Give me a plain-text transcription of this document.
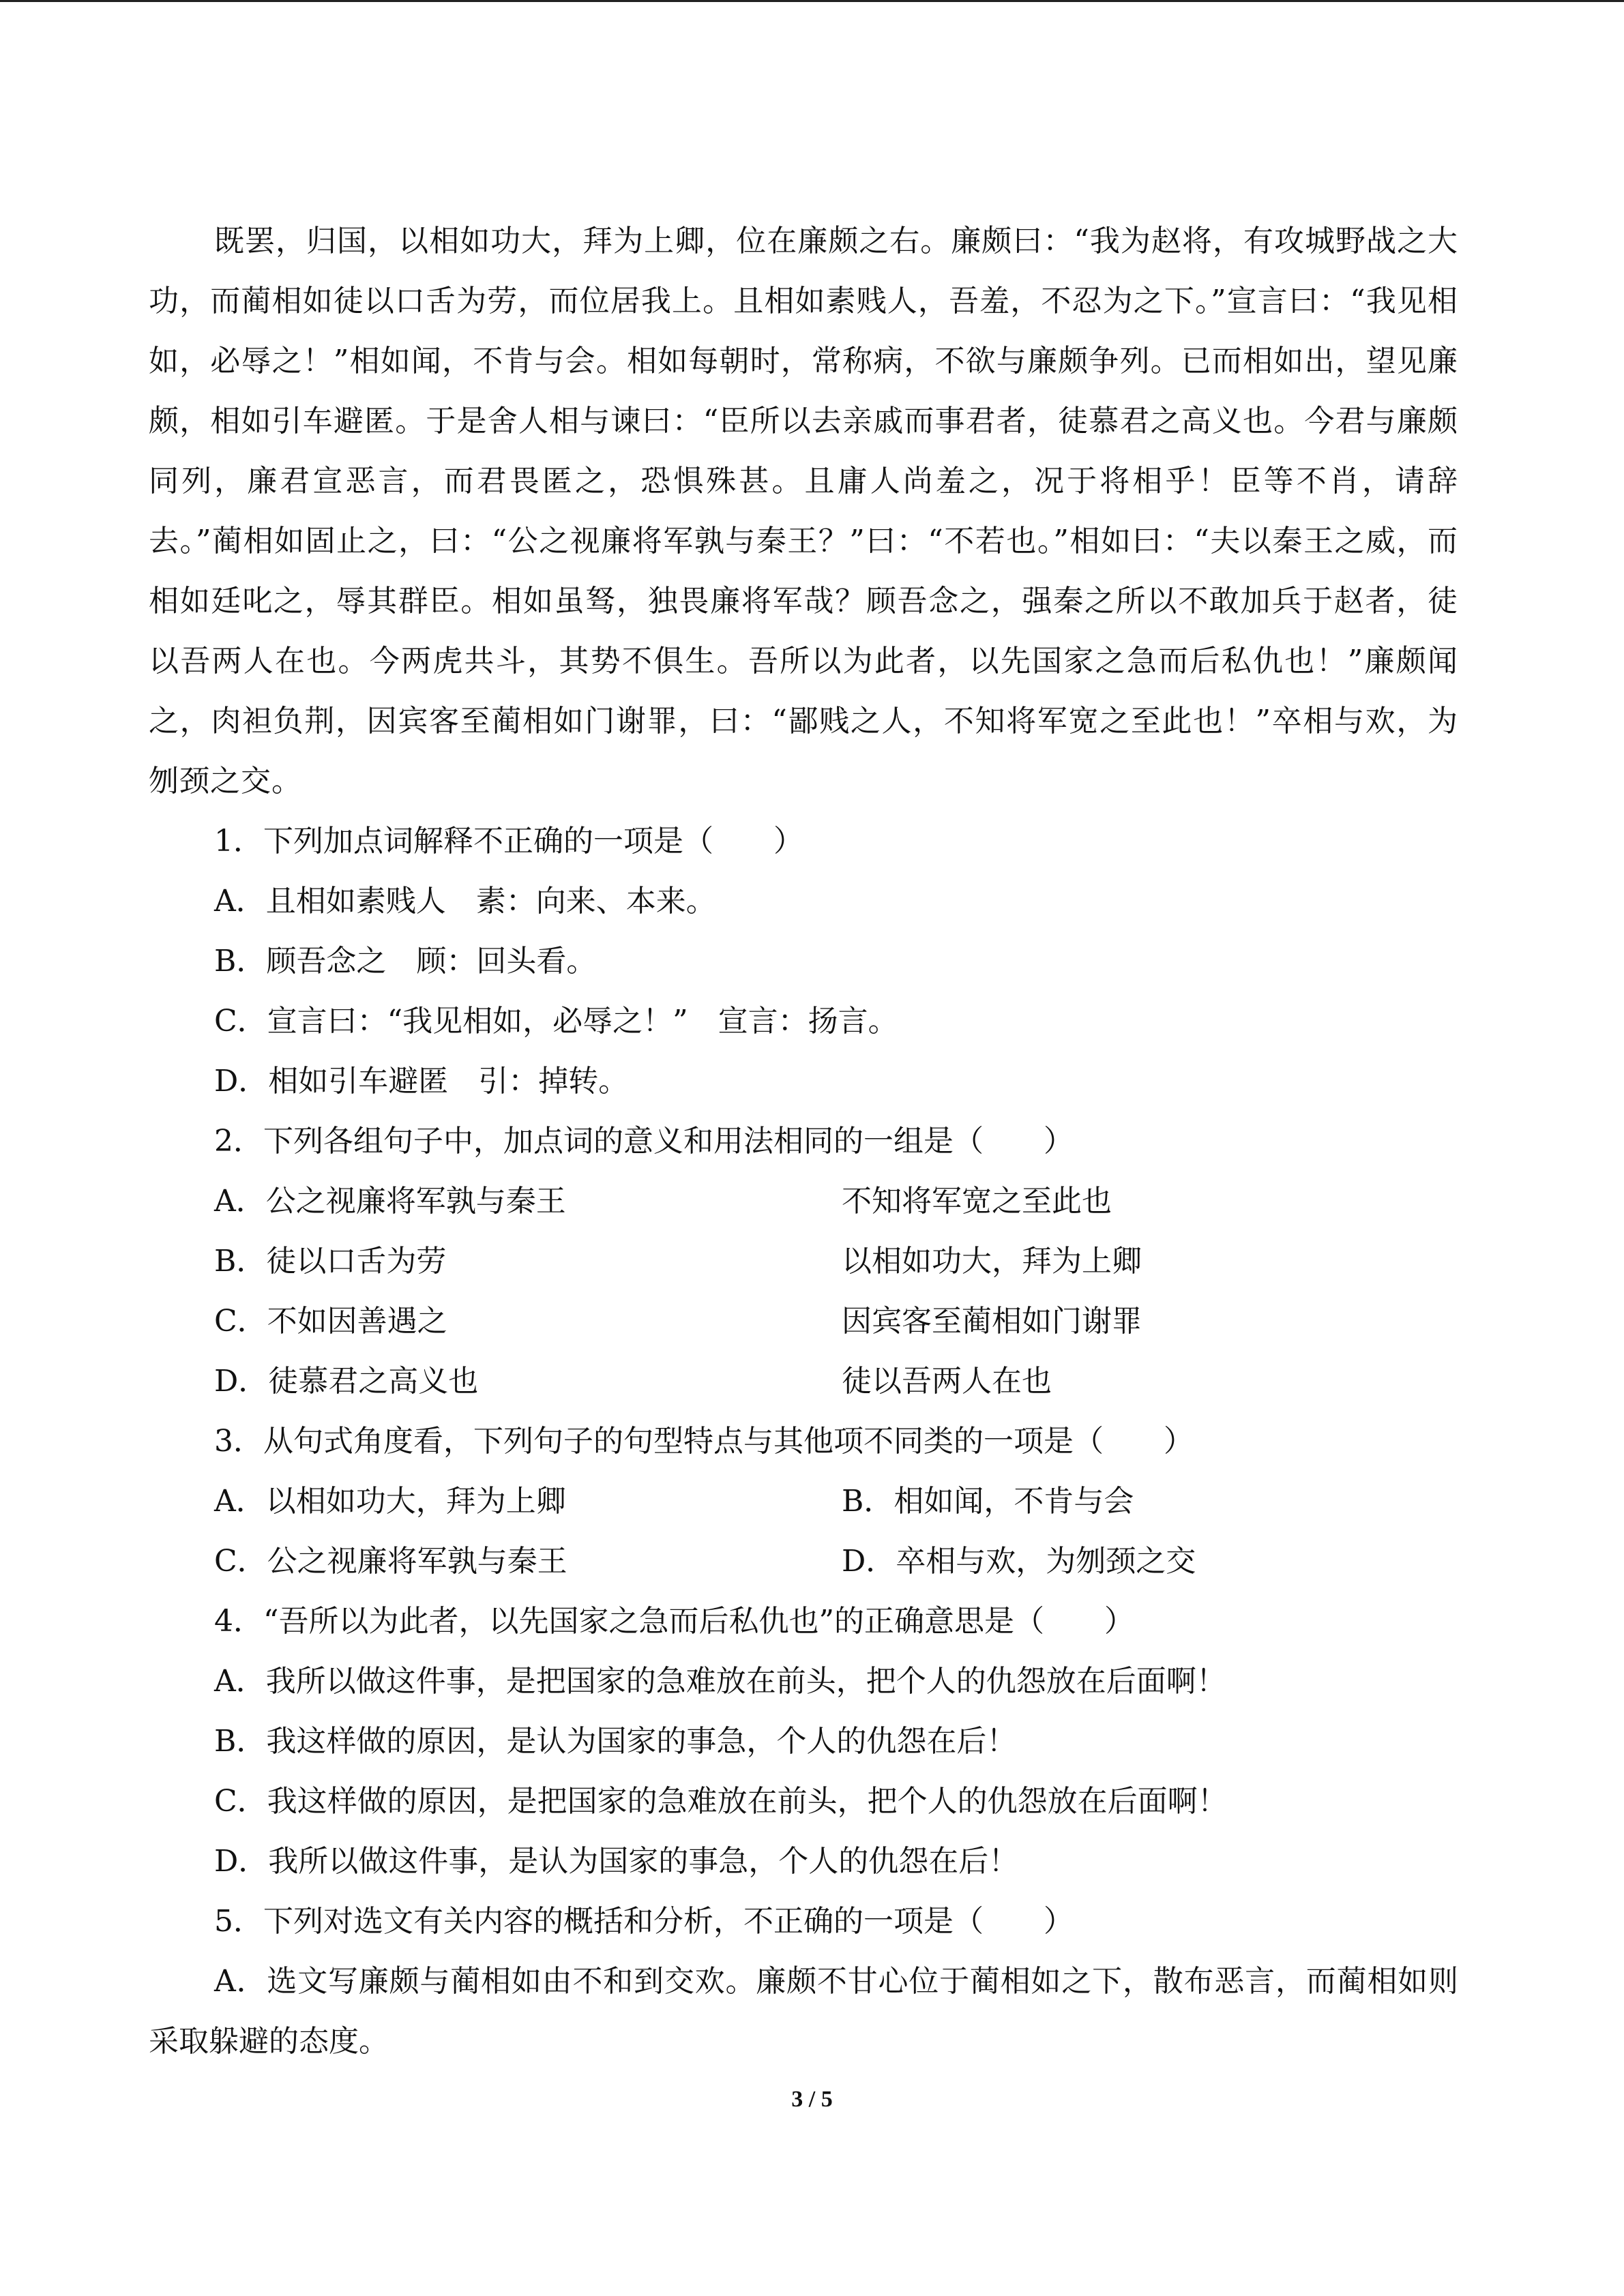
既罢，归国，以相如功大，拜为上卿，位在廉颇之右。廉颇曰：“我为赵将，有攻城野战之大功，而蔺相如徒以口舌为劳，而位居我上。且相如素贱人，吾羞，不忍为之下。”宣言曰：“我见相如，必辱之！”相如闻，不肯与会。相如每朝时，常称病，不欲与廉颇争列。已而相如出，望见廉颇，相如引车避匿。于是舍人相与谏曰：“臣所以去亲戚而事君者，徒慕君之高义也。今君与廉颇同列，廉君宣恶言，而君畏匿之，恐惧殊甚。且庸人尚羞之，况于将相乎！臣等不肖，请辞去。”蔺相如固止之，曰：“公之视廉将军孰与秦王？”曰：“不若也。”相如曰：“夫以秦王之威，而相如廷叱之，辱其群臣。相如虽驽，独畏廉将军哉？顾吾念之，强秦之所以不敢加兵于赵者，徒以吾两人在也。今两虎共斗，其势不俱生。吾所以为此者，以先国家之急而后私仇也！”廉颇闻之，肉袒负荆，因宾客至蔺相如门谢罪，曰：“鄙贱之人，不知将军宽之至此也！”卒相与欢，为刎颈之交。

1．下列加点词解释不正确的一项是（　　）
A．且相如素贱人　素：向来、本来。
B．顾吾念之　顾：回头看。
C．宣言曰：“我见相如，必辱之！”　宣言：扬言。
D．相如引车避匿　引：掉转。
2．下列各组句子中，加点词的意义和用法相同的一组是（　　）
A．公之视廉将军孰与秦王	不知将军宽之至此也
B．徒以口舌为劳	以相如功大，拜为上卿
C．不如因善遇之	因宾客至蔺相如门谢罪
D．徒慕君之高义也	徒以吾两人在也
3．从句式角度看，下列句子的句型特点与其他项不同类的一项是（　　）
A．以相如功大，拜为上卿	B．相如闻，不肯与会
C．公之视廉将军孰与秦王	D．卒相与欢，为刎颈之交
4．“吾所以为此者，以先国家之急而后私仇也”的正确意思是（　　）
A．我所以做这件事，是把国家的急难放在前头，把个人的仇怨放在后面啊！
B．我这样做的原因，是认为国家的事急，个人的仇怨在后！
C．我这样做的原因，是把国家的急难放在前头，把个人的仇怨放在后面啊！
D．我所以做这件事，是认为国家的事急，个人的仇怨在后！
5．下列对选文有关内容的概括和分析，不正确的一项是（　　）

A．选文写廉颇与蔺相如由不和到交欢。廉颇不甘心位于蔺相如之下，散布恶言，而蔺相如则采取躲避的态度。

3 / 5
